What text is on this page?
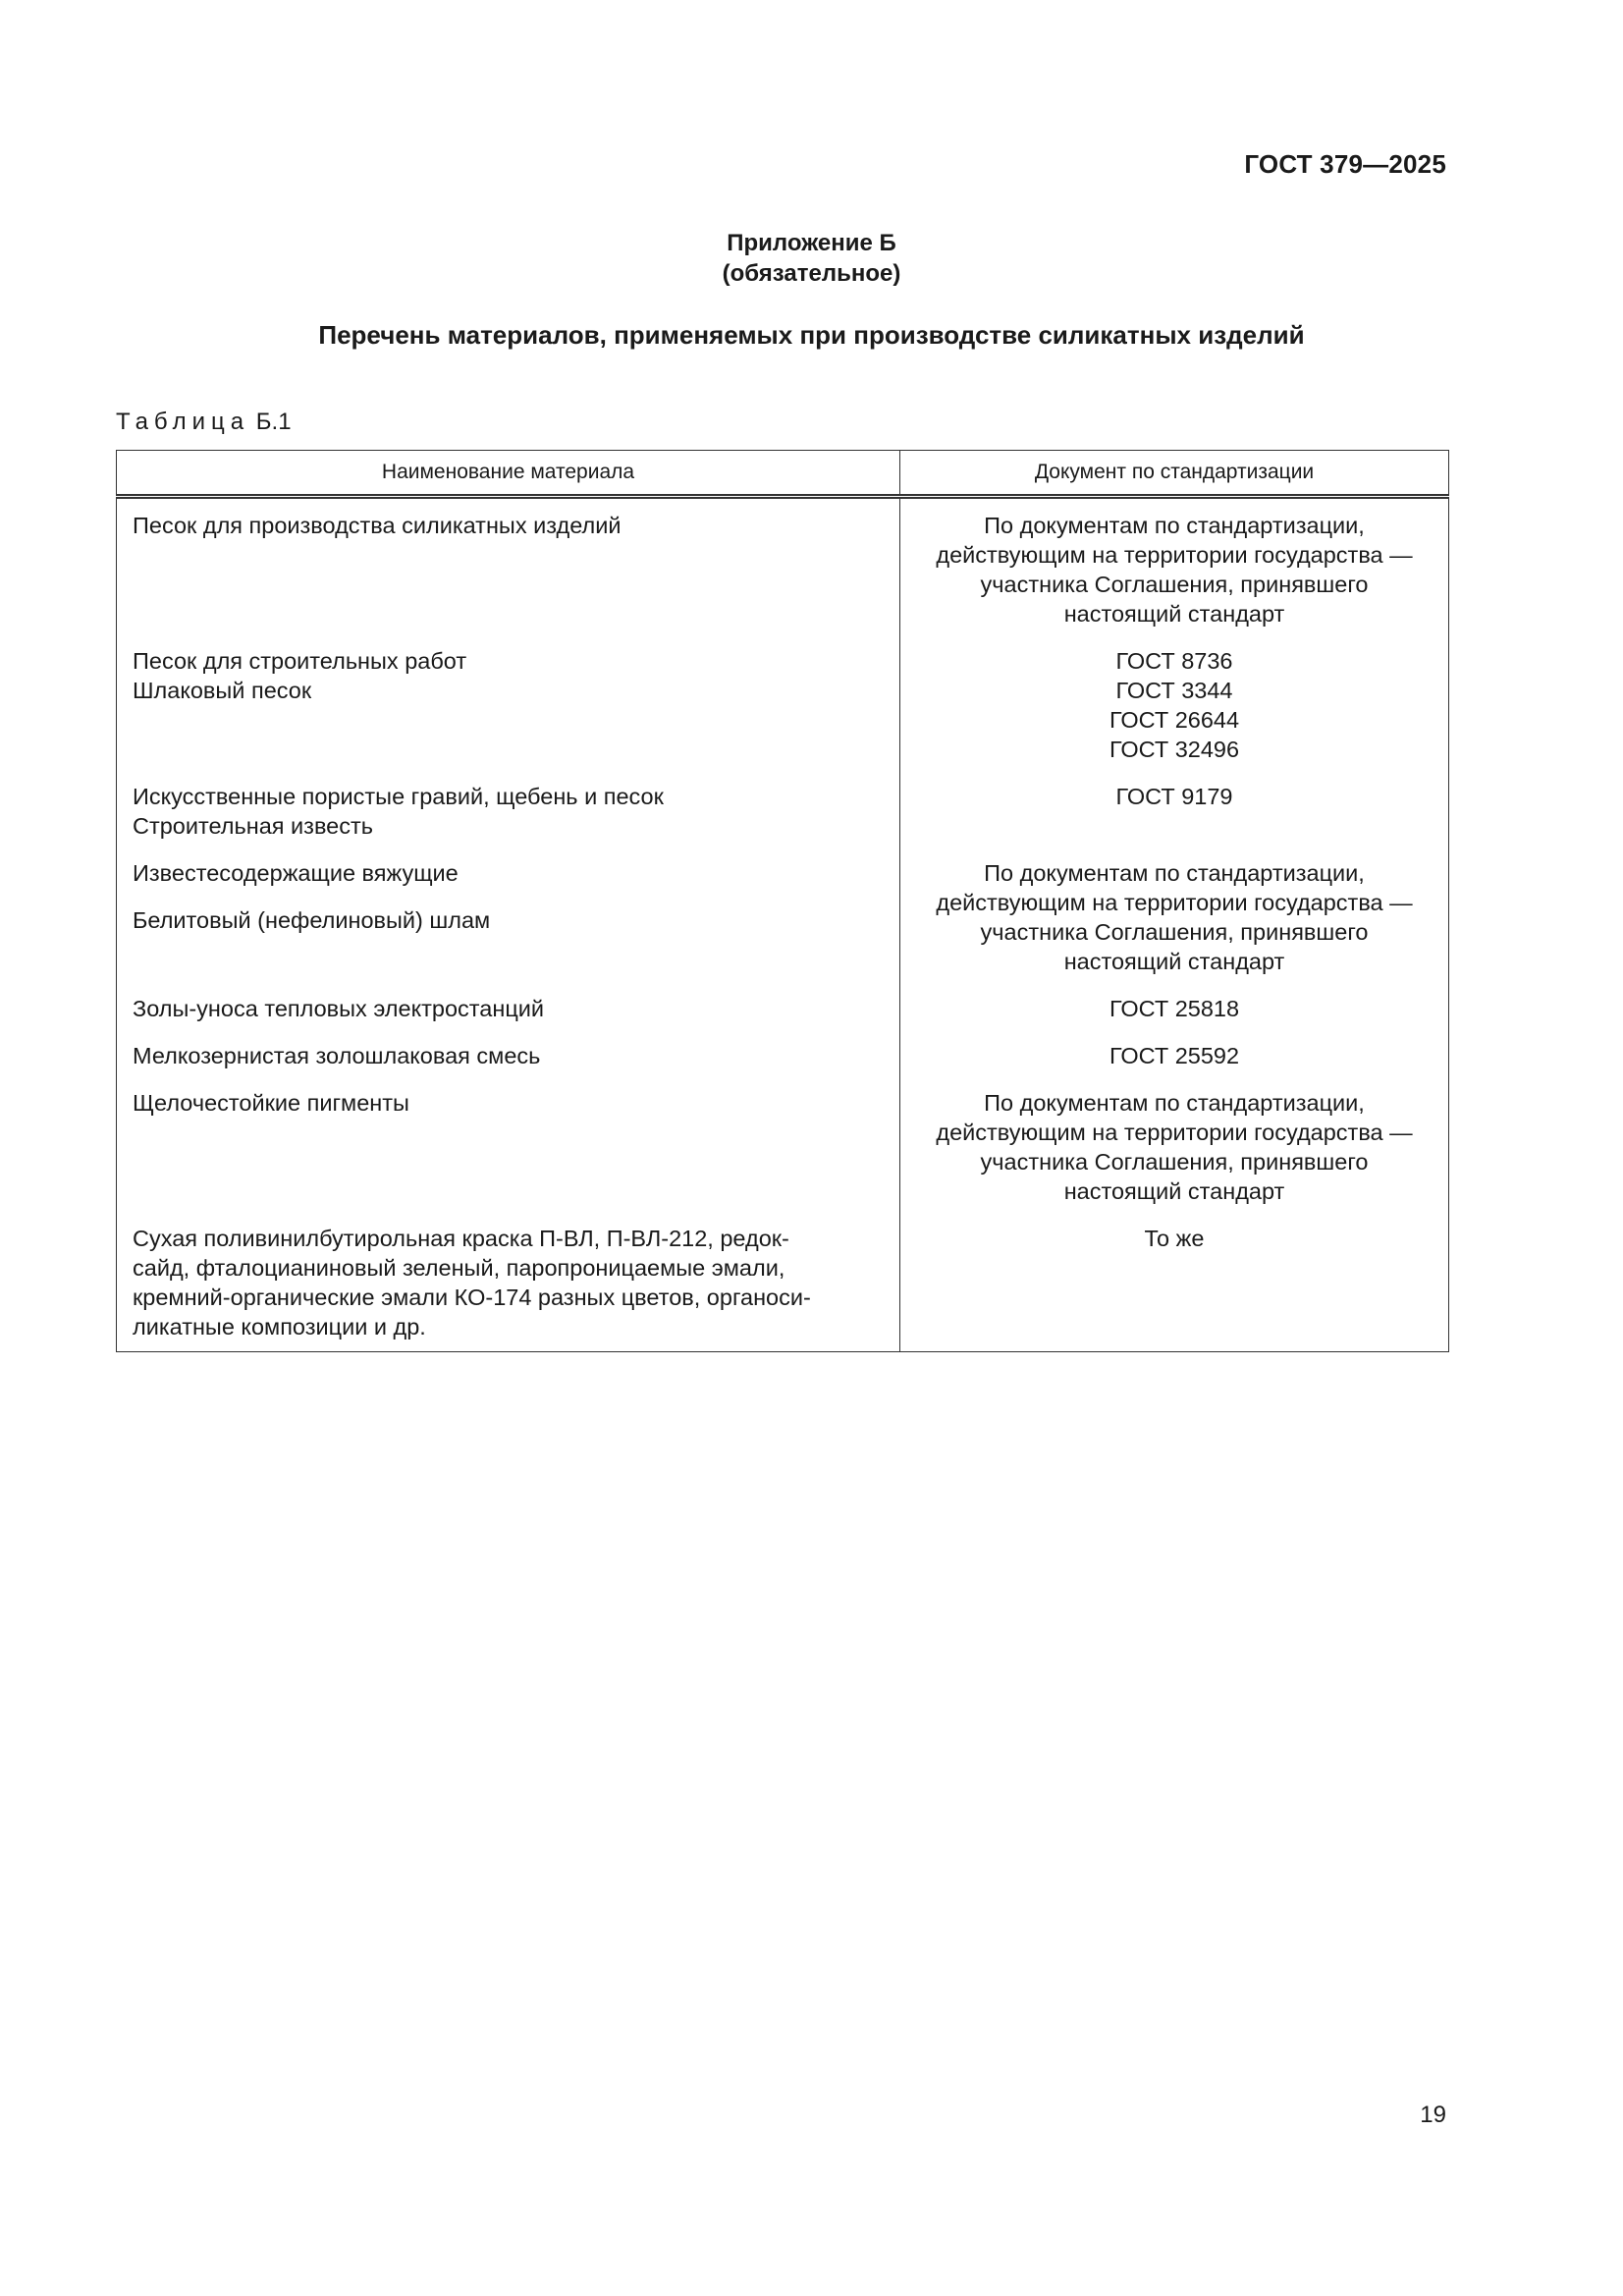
ГОСТ 379—2025
Приложение Б
(обязательное)
Перечень материалов, применяемых при производстве силикатных изделий
Таблица Б.1
Наименование материала	Документ по стандартизации

Песок для производства силикатных изделий	По документам по стандартизации,
действующим на территории государства —
участника Соглашения, принявшего
настоящий стандарт

Песок для строительных работ
Шлаковый песок	ГОСТ 8736
ГОСТ 3344
ГОСТ 26644
ГОСТ 32496

Искусственные пористые гравий, щебень и песок
Строительная известь	ГОСТ 9179

Известесодержащие вяжущие
Белитовый (нефелиновый) шлам	По документам по стандартизации,
действующим на территории государства —
участника Соглашения, принявшего
настоящий стандарт

Золы-уноса тепловых электростанций	ГОСТ 25818

Мелкозернистая золошлаковая смесь	ГОСТ 25592

Щелочестойкие пигменты	По документам по стандартизации,
действующим на территории государства —
участника Соглашения, принявшего
настоящий стандарт

Сухая поливинилбутирольная краска П-ВЛ, П-ВЛ-212, редок-
сайд, фталоцианиновый зеленый, паропроницаемые эмали,
кремний-органические эмали КО-174 разных цветов, органоси-
ликатные композиции и др.	То же
19
